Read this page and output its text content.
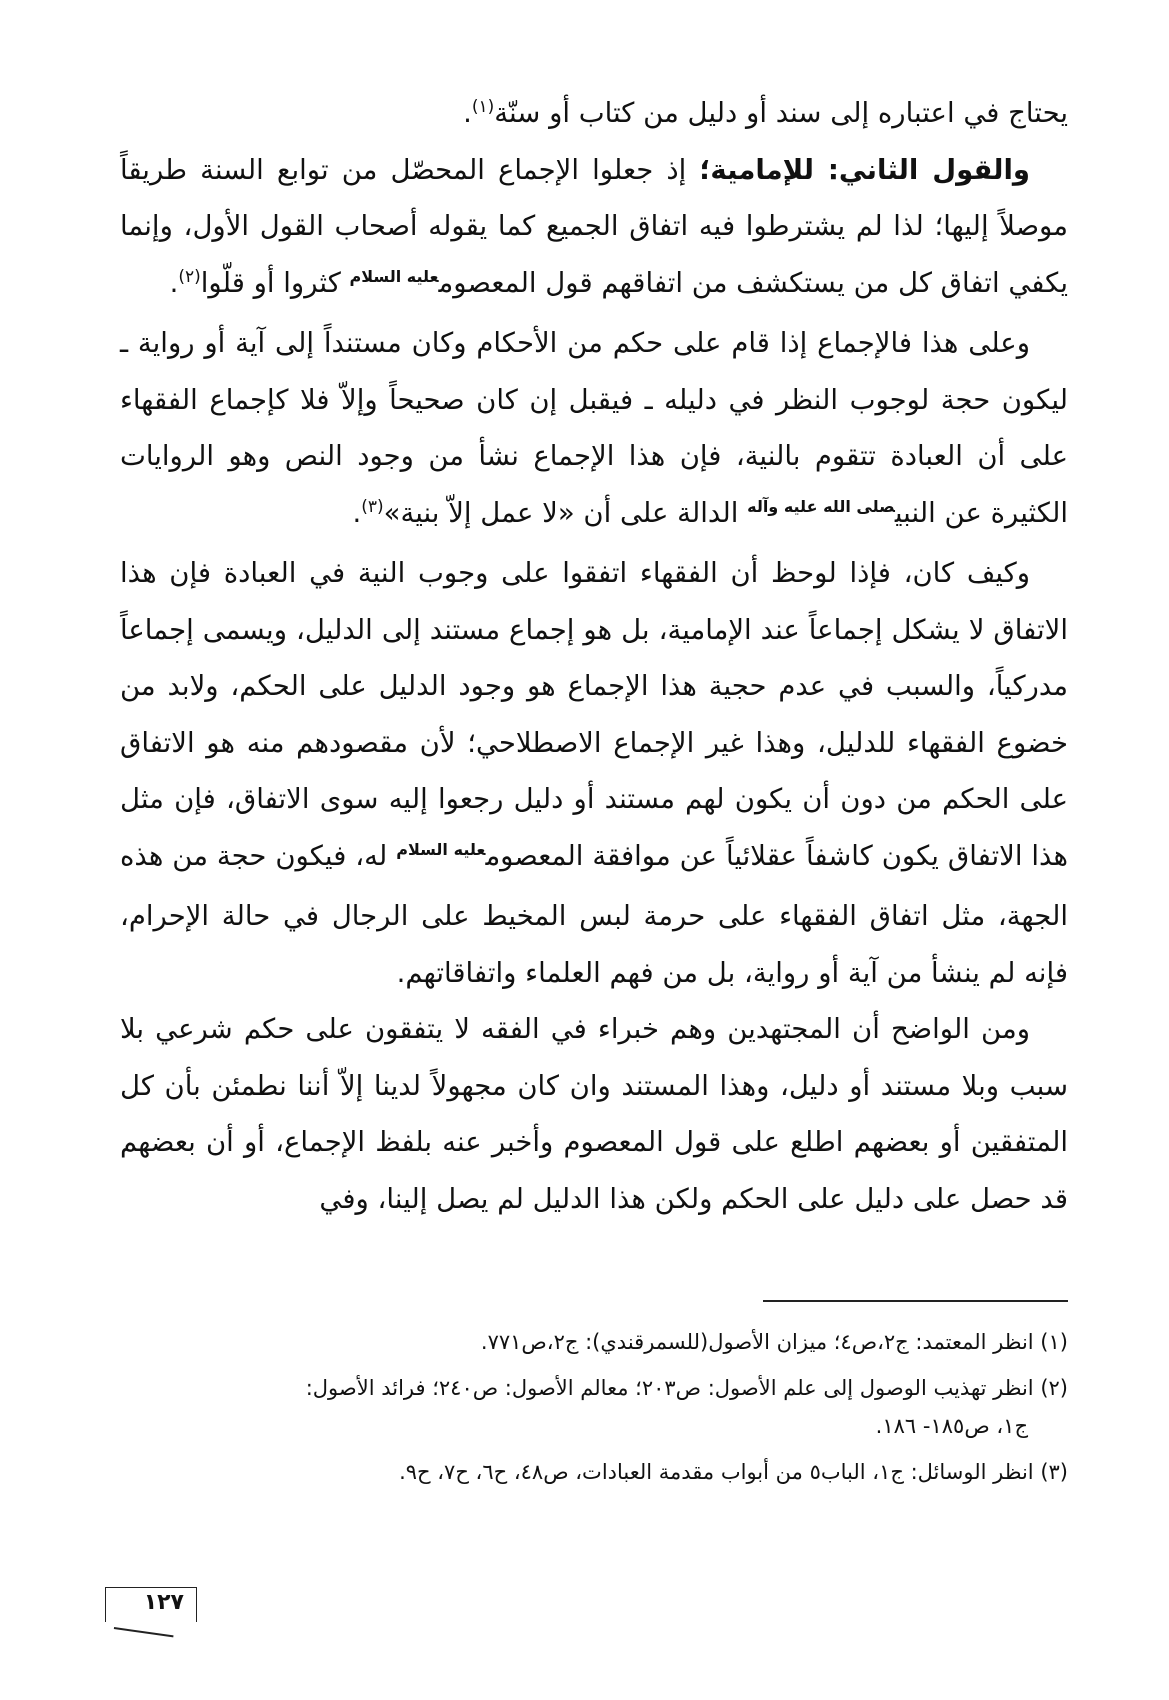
يحتاج في اعتباره إلى سند أو دليل من كتاب أو سنّة$^{(١)}$.

والقول الثاني: للإمامية؛ إذ جعلوا الإجماع المحصّل من توابع السنة طريقاً موصلاً إليها؛ لذا لم يشترطوا فيه اتفاق الجميع كما يقوله أصحاب القول الأول، وإنما يكفي اتفاق كل من يستكشف من اتفاقهم قول المعصوم$^{عليه السلام}$ كثروا أو قلّوا$^{(٢)}$.

وعلى هذا فالإجماع إذا قام على حكم من الأحكام وكان مستنداً إلى آية أو رواية ـ ليكون حجة لوجوب النظر في دليله ـ فيقبل إن كان صحيحاً وإلاّ فلا كإجماع الفقهاء على أن العبادة تتقوم بالنية، فإن هذا الإجماع نشأ من وجود النص وهو الروايات الكثيرة عن النبي$^{صلى الله عليه وآله}$ الدالة على أن «لا عمل إلاّ بنية»$^{(٣)}$.

وكيف كان، فإذا لوحظ أن الفقهاء اتفقوا على وجوب النية في العبادة فإن هذا الاتفاق لا يشكل إجماعاً عند الإمامية، بل هو إجماع مستند إلى الدليل، ويسمى إجماعاً مدركياً، والسبب في عدم حجية هذا الإجماع هو وجود الدليل على الحكم، ولابد من خضوع الفقهاء للدليل، وهذا غير الإجماع الاصطلاحي؛ لأن مقصودهم منه هو الاتفاق على الحكم من دون أن يكون لهم مستند أو دليل رجعوا إليه سوى الاتفاق، فإن مثل هذا الاتفاق يكون كاشفاً عقلائياً عن موافقة المعصوم$^{عليه السلام}$ له، فيكون حجة من هذه الجهة، مثل اتفاق الفقهاء على حرمة لبس المخيط على الرجال في حالة الإحرام، فإنه لم ينشأ من آية أو رواية، بل من فهم العلماء واتفاقاتهم.

ومن الواضح أن المجتهدين وهم خبراء في الفقه لا يتفقون على حكم شرعي بلا سبب وبلا مستند أو دليل، وهذا المستند وان كان مجهولاً لدينا إلاّ أننا نطمئن بأن كل المتفقين أو بعضهم اطلع على قول المعصوم وأخبر عنه بلفظ الإجماع، أو أن بعضهم قد حصل على دليل على الحكم ولكن هذا الدليل لم يصل إلينا، وفي

(١) انظر المعتمد: ج٢،ص٤؛ ميزان الأصول(للسمرقندي): ج٢،ص٧٧١.
(٢) انظر تهذيب الوصول إلى علم الأصول: ص٢٠٣؛ معالم الأصول: ص٢٤٠؛ فرائد الأصول:
ج١، ص١٨٥- ١٨٦.
(٣) انظر الوسائل: ج١، الباب٥ من أبواب مقدمة العبادات، ص٤٨، ح٦، ح٧، ح٩.
١٢٧
